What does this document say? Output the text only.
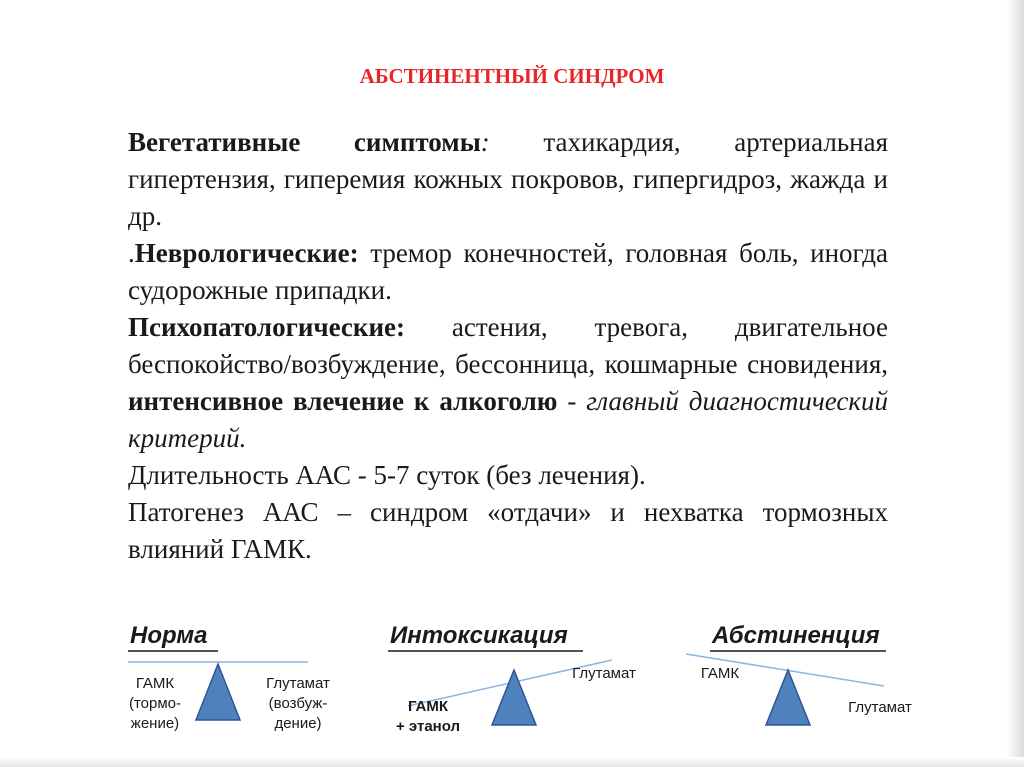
АБСТИНЕНТНЫЙ СИНДРОМ
Вегетативные симптомы: тахикардия, артериальная гипертензия, гиперемия кожных покровов, гипергидроз, жажда и др.
.Неврологические: тремор конечностей, головная боль, иногда судорожные припадки.
Психопатологические: астения, тревога, двигательное беспокойство/возбуждение, бессонница, кошмарные сновидения, интенсивное влечение к алкоголю - главный диагностический критерий.
Длительность ААС - 5-7 суток (без лечения).
Патогенез ААС – синдром «отдачи» и нехватка тормозных влияний ГАМК.
Норма	Интоксикация	Абстиненция
ГАМК
(тормо-
жение)
Глутамат
(возбуж-
дение)
ГАМК
+ этанол
Глутамат	ГАМК
Глутамат
